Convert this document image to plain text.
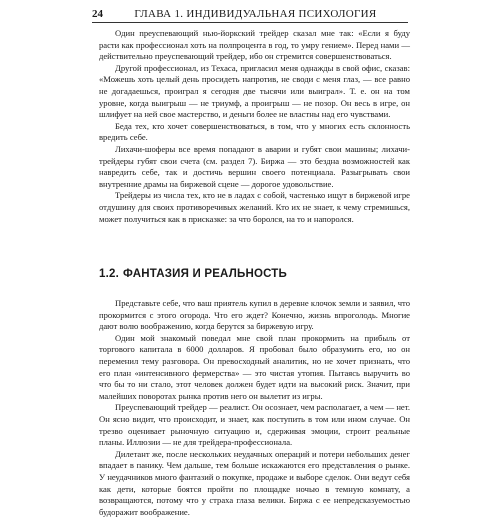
24	ГЛАВА 1. ИНДИВИДУАЛЬНАЯ ПСИХОЛОГИЯ

Один преуспевающий нью-йоркский трейдер сказал мне так: «Если я буду расти как профессионал хоть на полпроцента в год, то умру гением». Перед нами — действительно преуспевающий трейдер, ибо он стремится совершенствоваться.

Другой профессионал, из Техаса, пригласил меня однажды в свой офис, сказав: «Можешь хоть целый день просидеть напротив, не своди с меня глаз, — все равно не догадаешься, проиграл я сегодня две тысячи или выиграл». Т. е. он на том уровне, когда выигрыш — не триумф, а проигрыш — не позор. Он весь в игре, он шлифует на ней свое мастерство, и деньги более не властны над его чувствами.

Беда тех, кто хочет совершенствоваться, в том, что у многих есть склонность вредить себе.

Лихачи-шоферы все время попадают в аварии и губят свои машины; лихачи-трейдеры губят свои счета (см. раздел 7). Биржа — это бездна возможностей как навредить себе, так и достичь вершин своего потенциала. Разыгрывать свои внутренние драмы на биржевой сцене — дорогое удовольствие.

Трейдеры из числа тех, кто не в ладах с собой, частенько ищут в биржевой игре отдушину для своих противоречивых желаний. Кто их не знает, к чему стремишься, может получиться как в присказке: за что боролся, на то и напоролся.

1.2. ФАНТАЗИЯ И РЕАЛЬНОСТЬ

Представьте себе, что ваш приятель купил в деревне клочок земли и заявил, что прокормится с этого огорода. Что его ждет? Конечно, жизнь впроголодь. Многие дают волю воображению, когда берутся за биржевую игру.

Один мой знакомый поведал мне свой план прокормить на прибыль от торгового капитала в 6000 долларов. Я пробовал было образумить его, но он переменил тему разговора. Он превосходный аналитик, но не хочет признать, что его план «интенсивного фермерства» — это чистая утопия. Пытаясь выручить во что бы то ни стало, этот человек должен будет идти на высокий риск. Значит, при малейших поворотах рынка против него он вылетит из игры.

Преуспевающий трейдер — реалист. Он осознает, чем располагает, а чем — нет. Он ясно видит, что происходит, и знает, как поступить в том или ином случае. Он трезво оценивает рыночную ситуацию и, сдерживая эмоции, строит реальные планы. Иллюзии — не для трейдера-профессионала.

Дилетант же, после нескольких неудачных операций и потери небольших денег впадает в панику. Чем дальше, тем больше искажаются его представления о рынке. У неудачников много фантазий о покупке, продаже и выборе сделок. Они ведут себя как дети, которые боятся пройти по площадке ночью в темную комнату, а возвращаются, потому что у страха глаза велики. Биржа с ее непредсказуемостью будоражит воображение.
